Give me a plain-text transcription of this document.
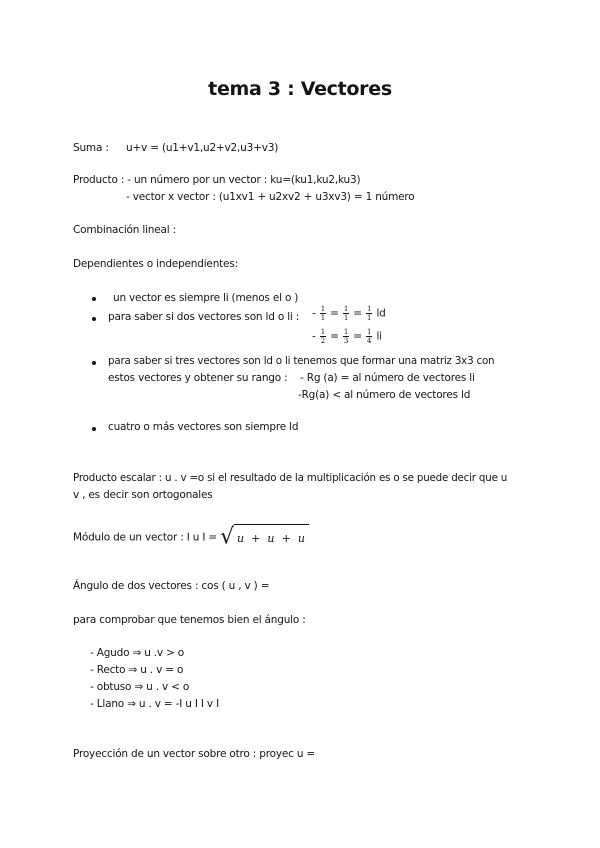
tema 3 : Vectores
Suma : u+v = (u1+v1,u2+v2,u3+v3)
Producto : - un número por un vector : ku=(ku1,ku2,ku3)
- vector x vector : (u1xv1 + u2xv2 + u3xv3) = 1 número
Combinación lineal :
Dependientes o independientes:
un vector es siempre li (menos el o )
para saber si dos vectores son ld o li : - $\frac{1}{1} = \frac{1}{1} = \frac{1}{1}$ ld
- $\frac{1}{2} = \frac{1}{3} = \frac{1}{4}$ li
para saber si tres vectores son ld o li tenemos que formar una matriz 3x3 con
estos vectores y obtener su rango : - Rg (a) = al número de vectores li
-Rg(a) < al número de vectores ld
cuatro o más vectores son siempre ld
Producto escalar : u . v =o si el resultado de la multiplicación es o se puede decir que u
v , es decir son ortogonales
Módulo de un vector : I u I = √ u + u + u
Ángulo de dos vectores : cos ( u , v ) =
para comprobar que tenemos bien el ángulo :
- Agudo ⇒ u .v > o
- Recto ⇒ u . v = o
- obtuso ⇒ u . v < o
- Llano ⇒ u . v = -I u I I v I
Proyección de un vector sobre otro : proyec u =
